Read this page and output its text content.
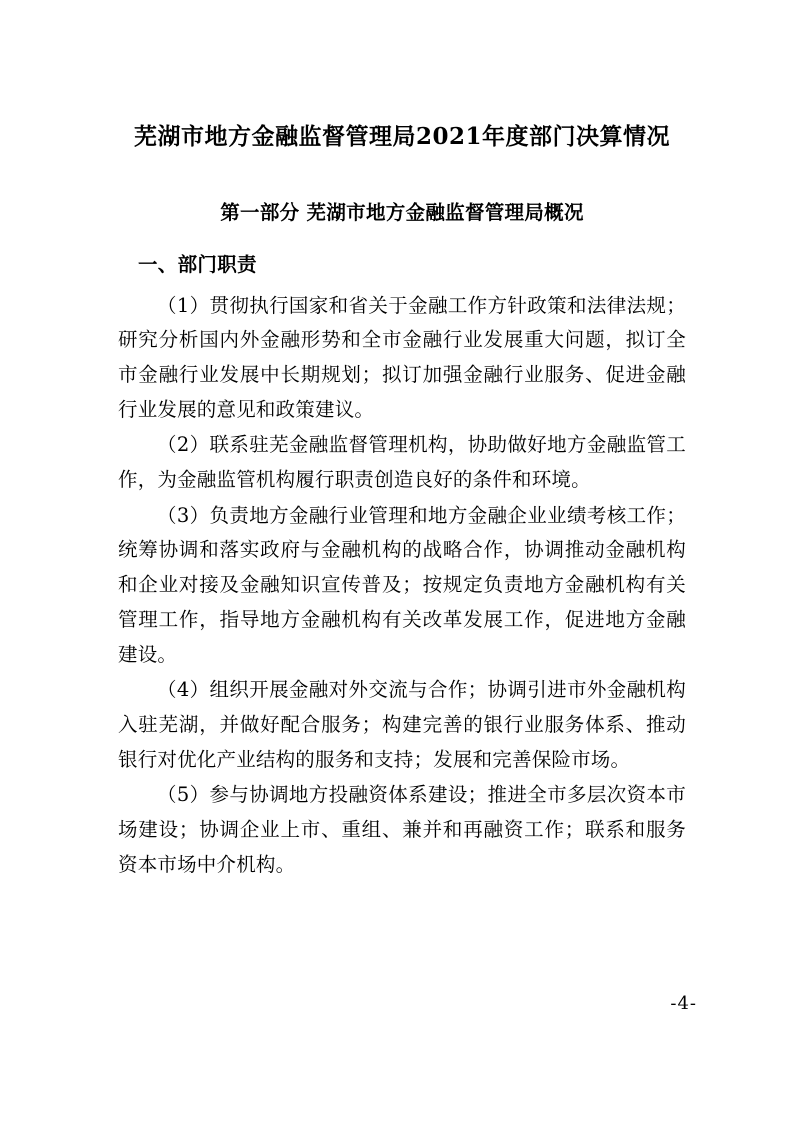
芜湖市地方金融监督管理局2021年度部门决算情况
第一部分 芜湖市地方金融监督管理局概况
一、部门职责

（1）贯彻执行国家和省关于金融工作方针政策和法律法规；研究分析国内外金融形势和全市金融行业发展重大问题，拟订全市金融行业发展中长期规划；拟订加强金融行业服务、促进金融行业发展的意见和政策建议。

（2）联系驻芜金融监督管理机构，协助做好地方金融监管工作，为金融监管机构履行职责创造良好的条件和环境。

（3）负责地方金融行业管理和地方金融企业业绩考核工作；统筹协调和落实政府与金融机构的战略合作，协调推动金融机构和企业对接及金融知识宣传普及；按规定负责地方金融机构有关管理工作，指导地方金融机构有关改革发展工作，促进地方金融建设。

（4）组织开展金融对外交流与合作；协调引进市外金融机构入驻芜湖，并做好配合服务；构建完善的银行业服务体系、推动银行对优化产业结构的服务和支持；发展和完善保险市场。

（5）参与协调地方投融资体系建设；推进全市多层次资本市场建设；协调企业上市、重组、兼并和再融资工作；联系和服务资本市场中介机构。

-4-
